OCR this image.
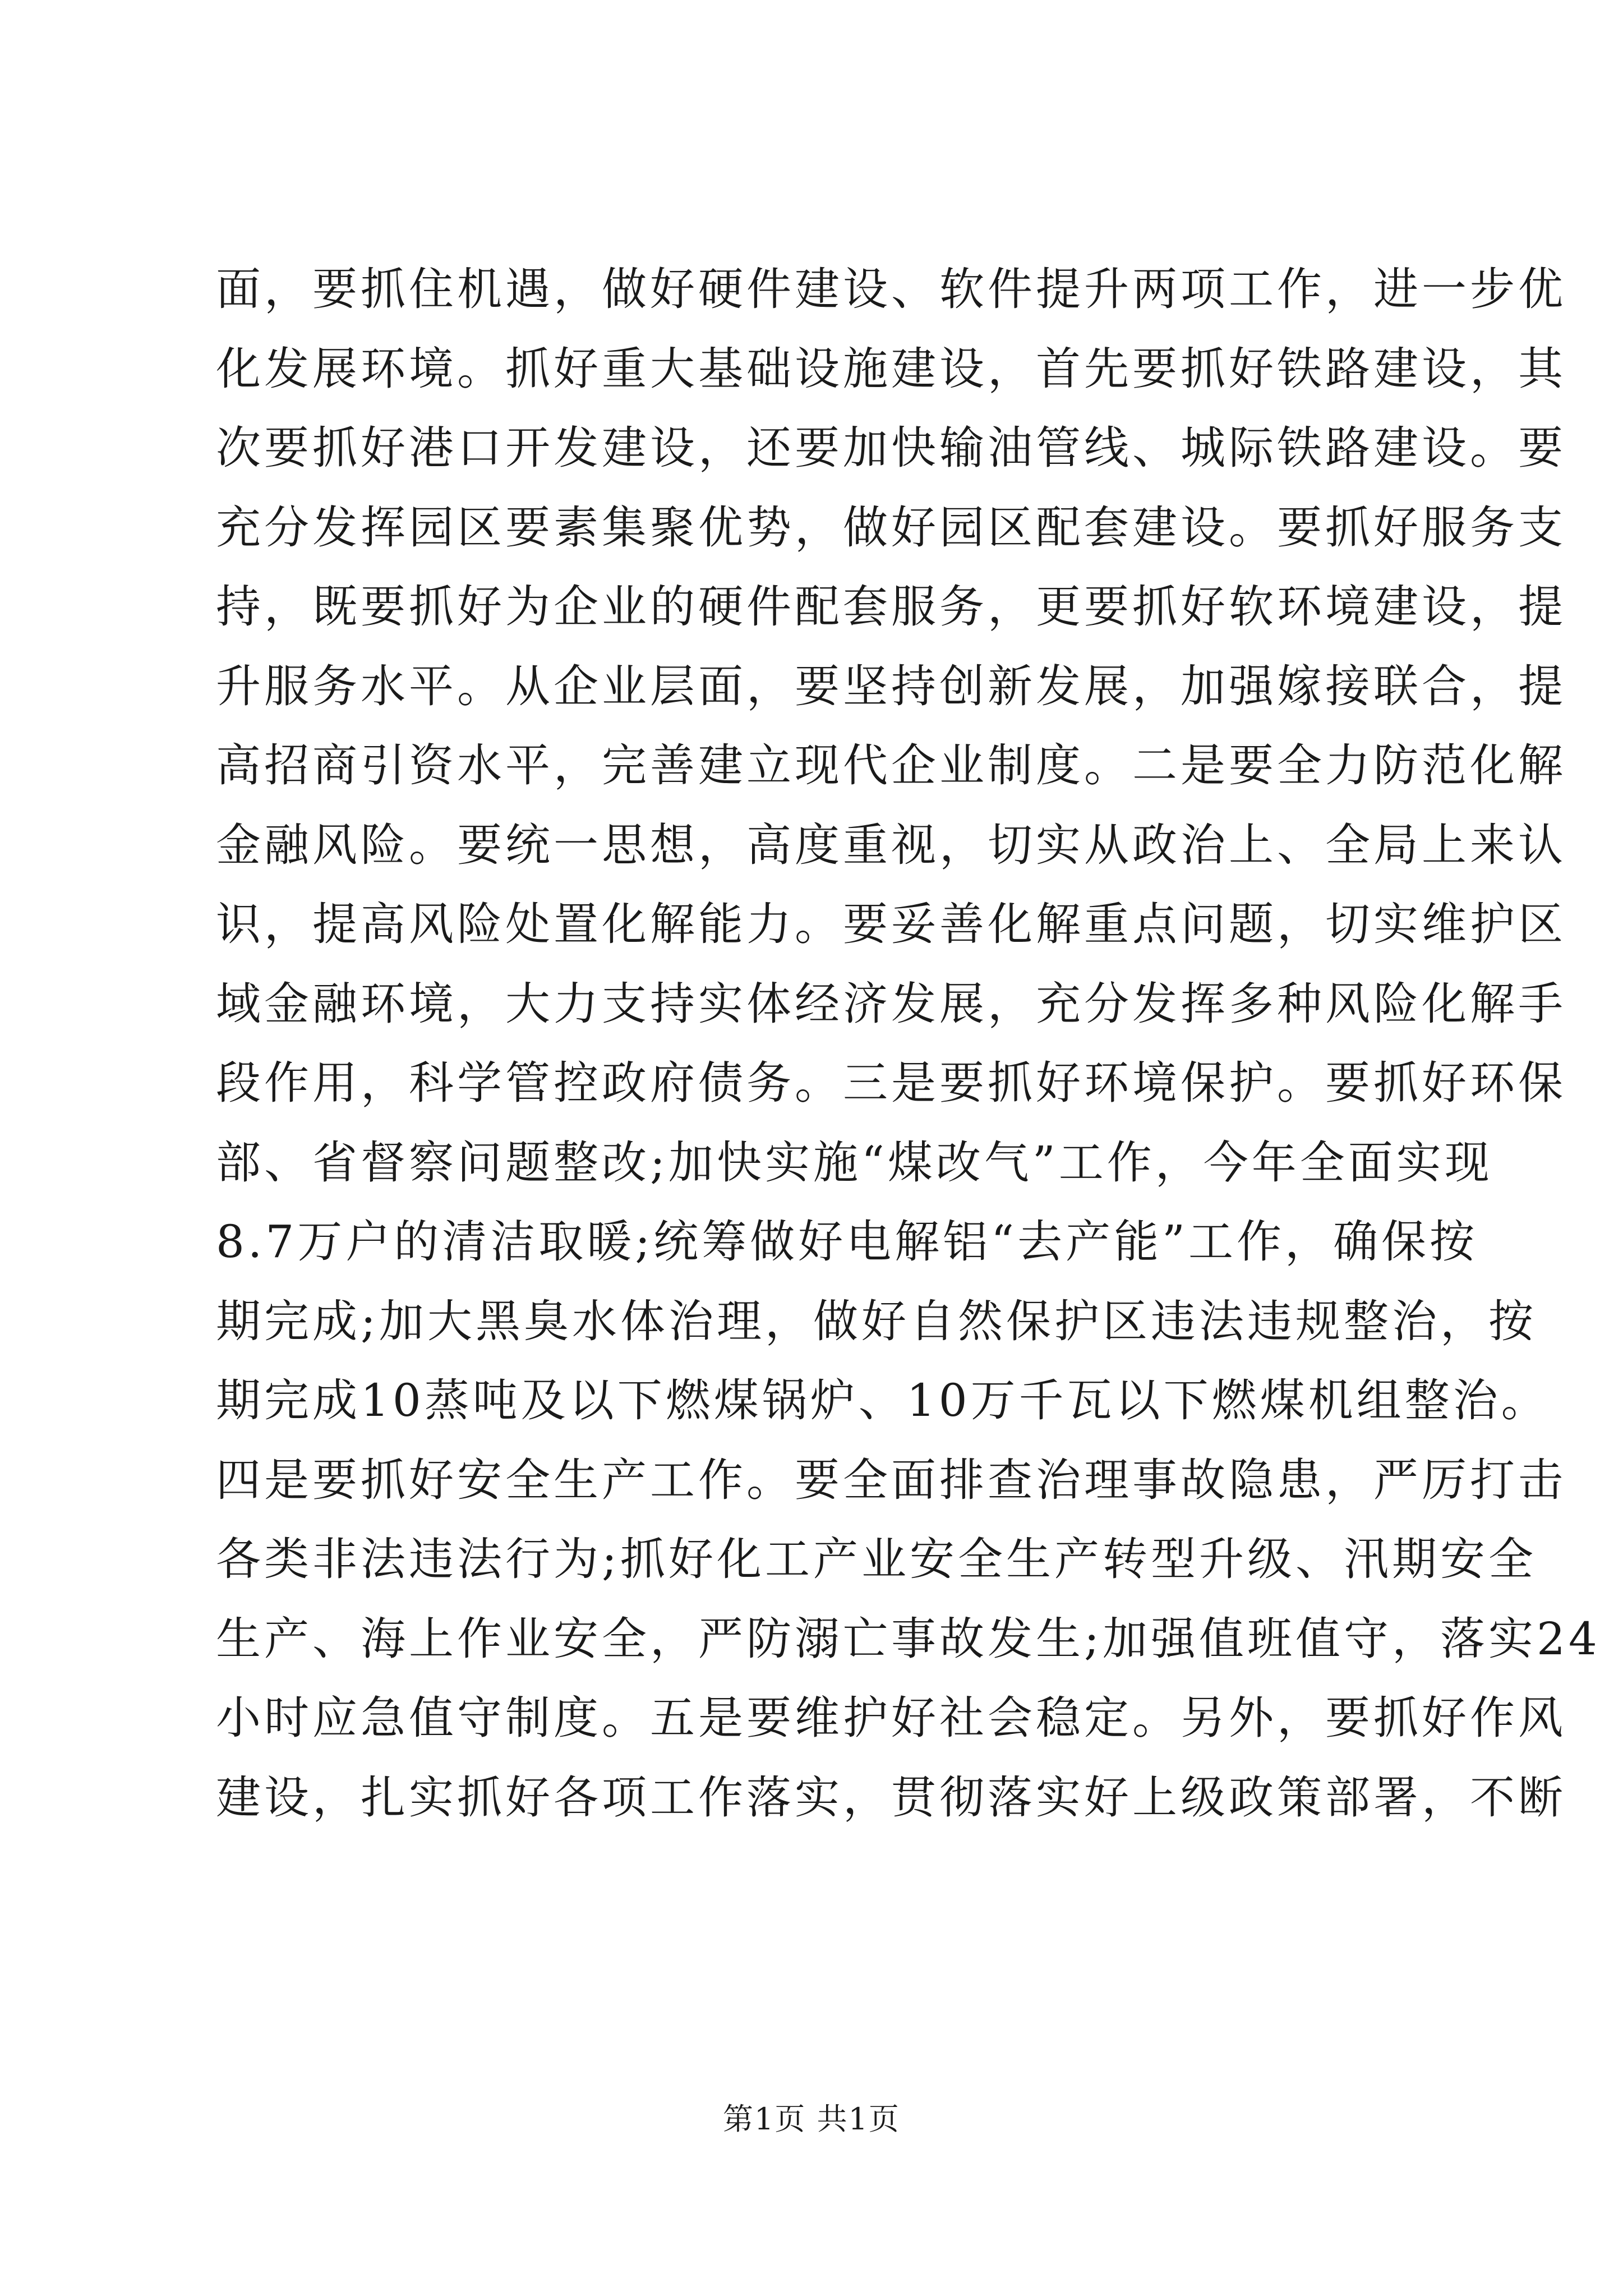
面，要抓住机遇，做好硬件建设、软件提升两项工作，进一步优
化发展环境。抓好重大基础设施建设，首先要抓好铁路建设，其
次要抓好港口开发建设，还要加快输油管线、城际铁路建设。要
充分发挥园区要素集聚优势，做好园区配套建设。要抓好服务支
持，既要抓好为企业的硬件配套服务，更要抓好软环境建设，提
升服务水平。从企业层面，要坚持创新发展，加强嫁接联合，提
高招商引资水平，完善建立现代企业制度。二是要全力防范化解
金融风险。要统一思想，高度重视，切实从政治上、全局上来认
识，提高风险处置化解能力。要妥善化解重点问题，切实维护区
域金融环境，大力支持实体经济发展，充分发挥多种风险化解手
段作用，科学管控政府债务。三是要抓好环境保护。要抓好环保
部、省督察问题整改;加快实施“煤改气”工作，今年全面实现
8.7万户的清洁取暖;统筹做好电解铝“去产能”工作，确保按
期完成;加大黑臭水体治理，做好自然保护区违法违规整治，按
期完成10蒸吨及以下燃煤锅炉、10万千瓦以下燃煤机组整治。
四是要抓好安全生产工作。要全面排查治理事故隐患，严厉打击
各类非法违法行为;抓好化工产业安全生产转型升级、汛期安全
生产、海上作业安全，严防溺亡事故发生;加强值班值守，落实24
小时应急值守制度。五是要维护好社会稳定。另外，要抓好作风
建设，扎实抓好各项工作落实，贯彻落实好上级政策部署，不断
第1页 共1页
